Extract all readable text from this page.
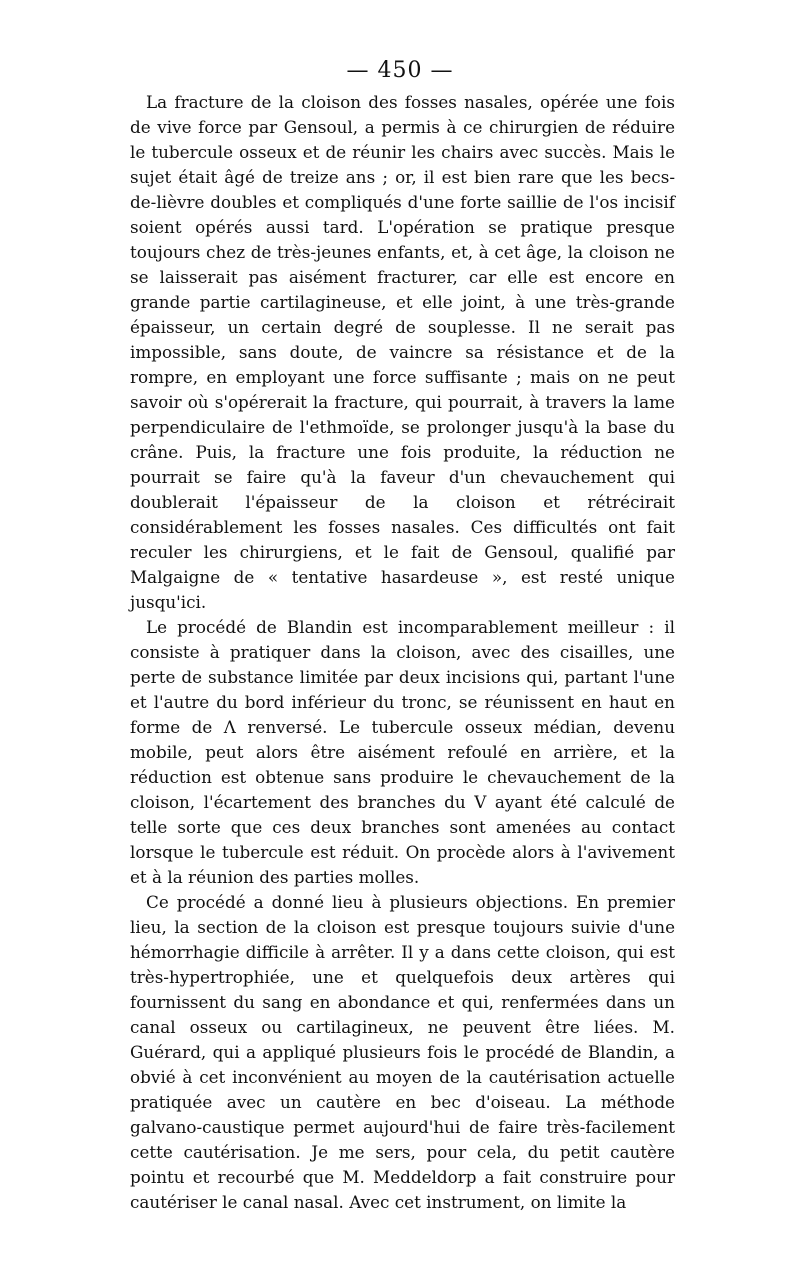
— 450 —

La fracture de la cloison des fosses nasales, opérée une fois de vive force par Gensoul, a permis à ce chirurgien de réduire le tubercule osseux et de réunir les chairs avec succès. Mais le sujet était âgé de treize ans ; or, il est bien rare que les becs-de-lièvre doubles et compliqués d'une forte saillie de l'os incisif soient opérés aussi tard. L'opération se pratique presque toujours chez de très-jeunes enfants, et, à cet âge, la cloison ne se laisserait pas aisément fracturer, car elle est encore en grande partie cartilagineuse, et elle joint, à une très-grande épaisseur, un certain degré de souplesse. Il ne serait pas impossible, sans doute, de vaincre sa résistance et de la rompre, en employant une force suffisante ; mais on ne peut savoir où s'opérerait la fracture, qui pourrait, à travers la lame perpendiculaire de l'ethmoïde, se prolonger jusqu'à la base du crâne. Puis, la fracture une fois produite, la réduction ne pourrait se faire qu'à la faveur d'un chevauchement qui doublerait l'épaisseur de la cloison et rétrécirait considérablement les fosses nasales. Ces difficultés ont fait reculer les chirurgiens, et le fait de Gensoul, qualifié par Malgaigne de « tentative hasardeuse », est resté unique jusqu'ici.

Le procédé de Blandin est incomparablement meilleur : il consiste à pratiquer dans la cloison, avec des cisailles, une perte de substance limitée par deux incisions qui, partant l'une et l'autre du bord inférieur du tronc, se réunissent en haut en forme de Λ renversé. Le tubercule osseux médian, devenu mobile, peut alors être aisément refoulé en arrière, et la réduction est obtenue sans produire le chevauchement de la cloison, l'écartement des branches du V ayant été calculé de telle sorte que ces deux branches sont amenées au contact lorsque le tubercule est réduit. On procède alors à l'avivement et à la réunion des parties molles.

Ce procédé a donné lieu à plusieurs objections. En premier lieu, la section de la cloison est presque toujours suivie d'une hémorrhagie difficile à arrêter. Il y a dans cette cloison, qui est très-hypertrophiée, une et quelquefois deux artères qui fournissent du sang en abondance et qui, renfermées dans un canal osseux ou cartilagineux, ne peuvent être liées. M. Guérard, qui a appliqué plusieurs fois le procédé de Blandin, a obvié à cet inconvénient au moyen de la cautérisation actuelle pratiquée avec un cautère en bec d'oiseau. La méthode galvano-caustique permet aujourd'hui de faire très-facilement cette cautérisation. Je me sers, pour cela, du petit cautère pointu et recourbé que M. Meddeldorp a fait construire pour cautériser le canal nasal. Avec cet instrument, on limite la
